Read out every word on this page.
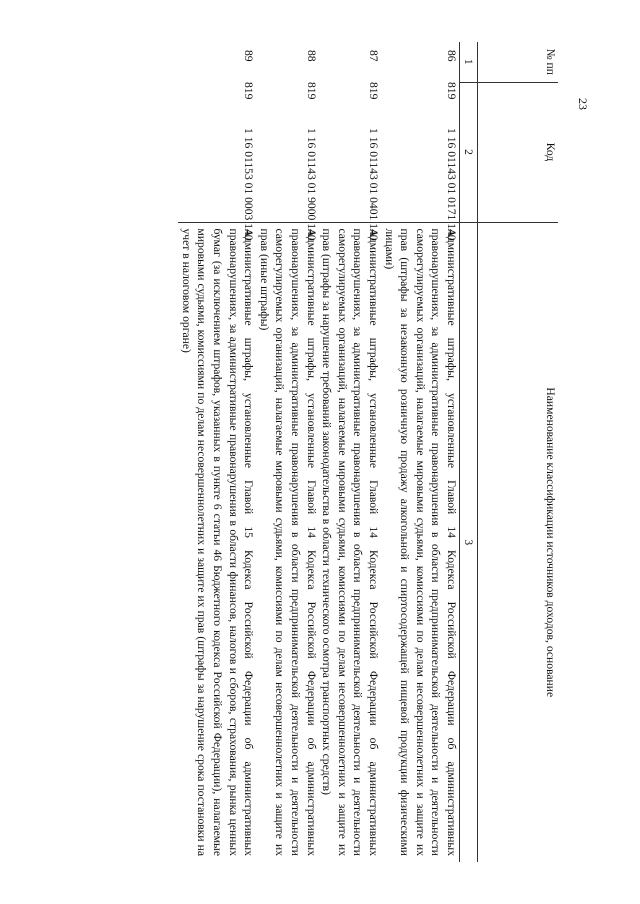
23
№ пп	Код		Наименование классификации источников доходов, основание
1	2		3
86	819	1 16 01143 01 0171 140	Административные штрафы, установленные Главой 14 Кодекса Российской Федерации об административных правонарушениях, за административные правонарушения в области предпринимательской деятельности и деятельности саморегулируемых организаций, налагаемые мировыми судьями, комиссиями по делам несовершеннолетних и защите их прав (штрафы за незаконную розничную продажу алкогольной и спиртосодержащей пищевой продукции физическими лицами)
87	819	1 16 01143 01 0401 140	Административные штрафы, установленные Главой 14 Кодекса Российской Федерации об административных правонарушениях, за административные правонарушения в области предпринимательской деятельности и деятельности саморегулируемых организаций, налагаемые мировыми судьями, комиссиями по делам несовершеннолетних и защите их прав (штрафы за нарушение требований законодательства в области технического осмотра транспортных средств)
88	819	1 16 01143 01 9000 140	Административные штрафы, установленные Главой 14 Кодекса Российской Федерации об административных правонарушениях, за административные правонарушения в области предпринимательской деятельности и деятельности саморегулируемых организаций, налагаемые мировыми судьями, комиссиями по делам несовершеннолетних и защите их прав (иные штрафы)
89	819	1 16 01153 01 0003 140	Административные штрафы, установленные Главой 15 Кодекса Российской Федерации об административных правонарушениях, за административные правонарушения в области финансов, налогов и сборов, страхования, рынка ценных бумаг (за исключением штрафов, указанных в пункте 6 статьи 46 Бюджетного кодекса Российской Федерации), налагаемые мировыми судьями, комиссиями по делам несовершеннолетних и защите их прав (штрафы за нарушение срока постановки на учет в налоговом органе)
